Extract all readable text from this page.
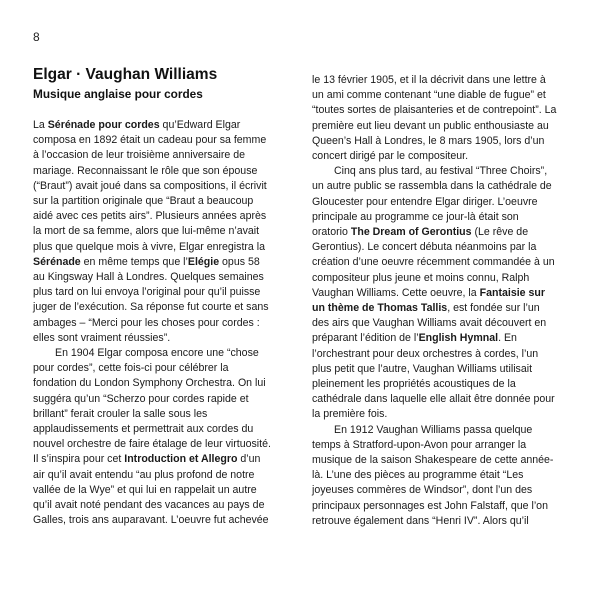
8
Elgar · Vaughan Williams
Musique anglaise pour cordes

La Sérénade pour cordes qu’Edward Elgar composa en 1892 était un cadeau pour sa femme à l’occasion de leur troisième anniversaire de mariage. Reconnaissant le rôle que son épouse (“Braut”) avait joué dans sa compositions, il écrivit sur la partition originale que “Braut a beaucoup aidé avec ces petits airs”. Plusieurs années après la mort de sa femme, alors que lui-même n’avait plus que quelque mois à vivre, Elgar enregistra la Sérénade en même temps que l’Elégie opus 58 au Kingsway Hall à Londres. Quelques semaines plus tard on lui envoya l’original pour qu’il puisse juger de l’exécution. Sa réponse fut courte et sans ambages – “Merci pour les choses pour cordes : elles sont vraiment réussies”.

En 1904 Elgar composa encore une “chose pour cordes”, cette fois-ci pour célébrer la fondation du London Symphony Orchestra. On lui suggéra qu’un “Scherzo pour cordes rapide et brillant” ferait crouler la salle sous les applaudissements et permettrait aux cordes du nouvel orchestre de faire étalage de leur virtuosité. Il s’inspira pour cet Introduction et Allegro d’un air qu’il avait entendu “au plus profond de notre vallée de la Wye” et qui lui en rappelait un autre qu’il avait noté pendant des vacances au pays de Galles, trois ans auparavant. L’oeuvre fut achevée

le 13 février 1905, et il la décrivit dans une lettre à un ami comme contenant “une diable de fugue” et “toutes sortes de plaisanteries et de contrepoint”. La première eut lieu devant un public enthousiaste au Queen’s Hall à Londres, le 8 mars 1905, lors d’un concert dirigé par le compositeur.

Cinq ans plus tard, au festival “Three Choirs”, un autre public se rassembla dans la cathédrale de Gloucester pour entendre Elgar diriger. L’oeuvre principale au programme ce jour-là était son oratorio The Dream of Gerontius (Le rêve de Gerontius). Le concert débuta néanmoins par la création d’une oeuvre récemment commandée à un compositeur plus jeune et moins connu, Ralph Vaughan Williams. Cette oeuvre, la Fantaisie sur un thème de Thomas Tallis, est fondée sur l’un des airs que Vaughan Williams avait découvert en préparant l’édition de l’English Hymnal. En l’orchestrant pour deux orchestres à cordes, l’un plus petit que l’autre, Vaughan Williams utilisait pleinement les propriétés acoustiques de la cathédrale dans laquelle elle allait être donnée pour la première fois.

En 1912 Vaughan Williams passa quelque temps à Stratford-upon-Avon pour arranger la musique de la saison Shakespeare de cette année-là. L’une des pièces au programme était “Les joyeuses commères de Windsor”, dont l’un des principaux personnages est John Falstaff, que l’on retrouve également dans “Henri IV”. Alors qu’il
